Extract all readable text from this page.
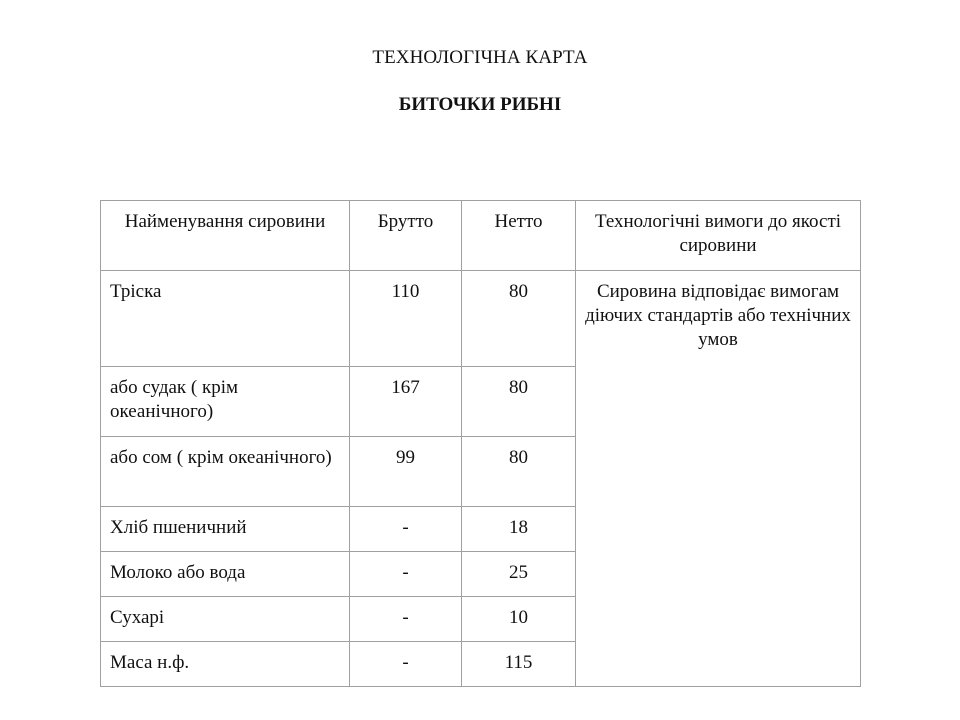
ТЕХНОЛОГІЧНА КАРТА
БИТОЧКИ РИБНІ
Найменування сировини	Брутто	Нетто	Технологічні вимоги до якості сировини
Тріска	110	80	Сировина відповідає вимогам діючих стандартів або технічних умов
або судак ( крім океанічного)	167	80	
або сом ( крім океанічного)	99	80	
Хліб пшеничний	-	18	
Молоко або вода	-	25	
Сухарі	-	10	
Маса н.ф.	-	115	
